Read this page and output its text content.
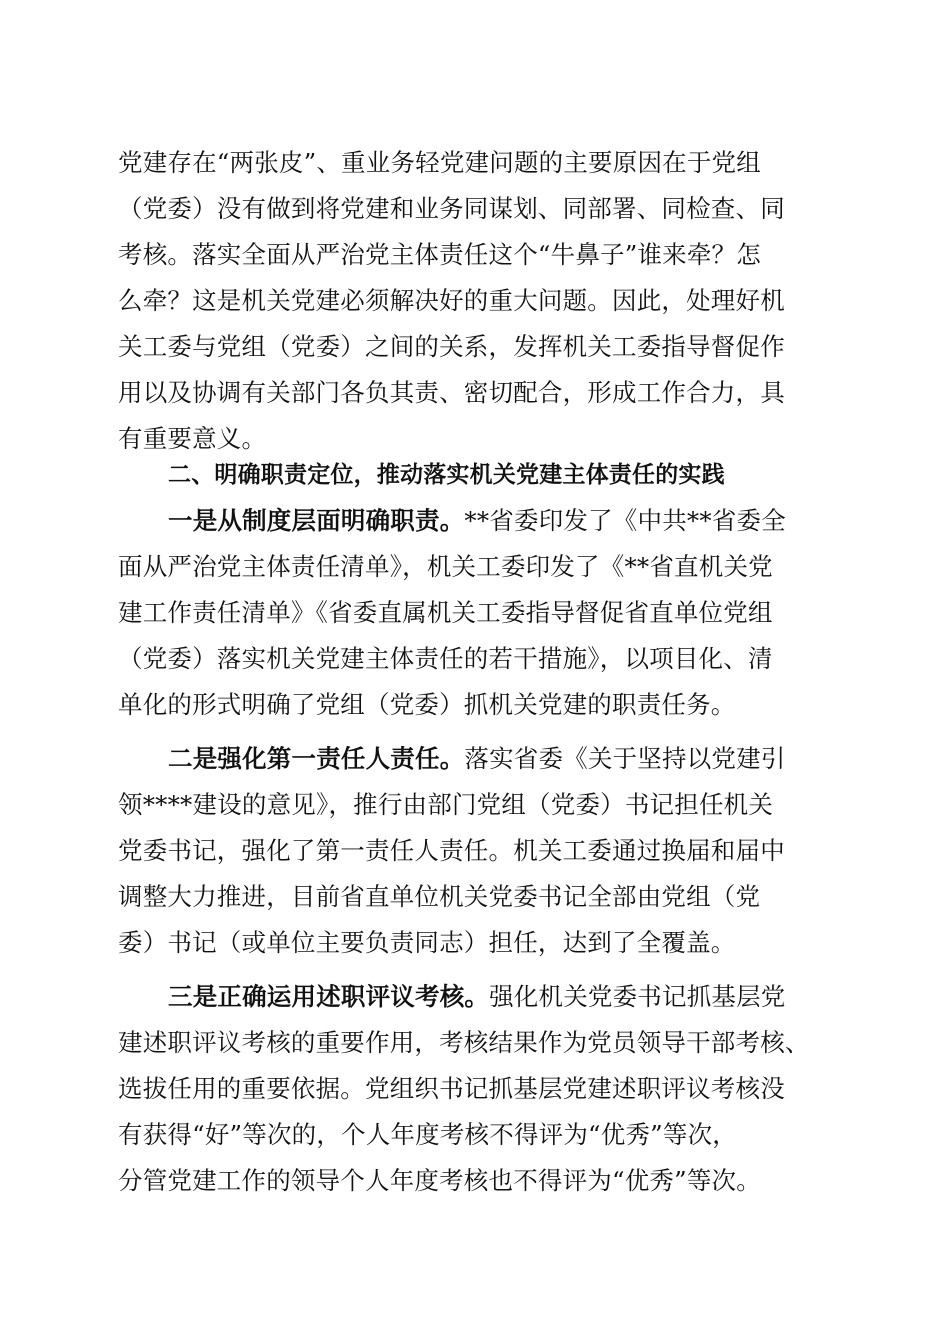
党建存在“两张皮”、重业务轻党建问题的主要原因在于党组
（党委）没有做到将党建和业务同谋划、同部署、同检查、同
考核。落实全面从严治党主体责任这个“牛鼻子”谁来牵？怎
么牵？这是机关党建必须解决好的重大问题。因此，处理好机
关工委与党组（党委）之间的关系，发挥机关工委指导督促作
用以及协调有关部门各负其责、密切配合，形成工作合力，具
有重要意义。
二、明确职责定位，推动落实机关党建主体责任的实践
一是从制度层面明确职责。**省委印发了《中共**省委全
面从严治党主体责任清单》，机关工委印发了《**省直机关党
建工作责任清单》《省委直属机关工委指导督促省直单位党组
（党委）落实机关党建主体责任的若干措施》，以项目化、清
单化的形式明确了党组（党委）抓机关党建的职责任务。
二是强化第一责任人责任。落实省委《关于坚持以党建引
领****建设的意见》，推行由部门党组（党委）书记担任机关
党委书记，强化了第一责任人责任。机关工委通过换届和届中
调整大力推进，目前省直单位机关党委书记全部由党组（党
委）书记（或单位主要负责同志）担任，达到了全覆盖。
三是正确运用述职评议考核。强化机关党委书记抓基层党
建述职评议考核的重要作用，考核结果作为党员领导干部考核、
选拔任用的重要依据。党组织书记抓基层党建述职评议考核没
有获得“好”等次的，个人年度考核不得评为“优秀”等次，
分管党建工作的领导个人年度考核也不得评为“优秀”等次。
